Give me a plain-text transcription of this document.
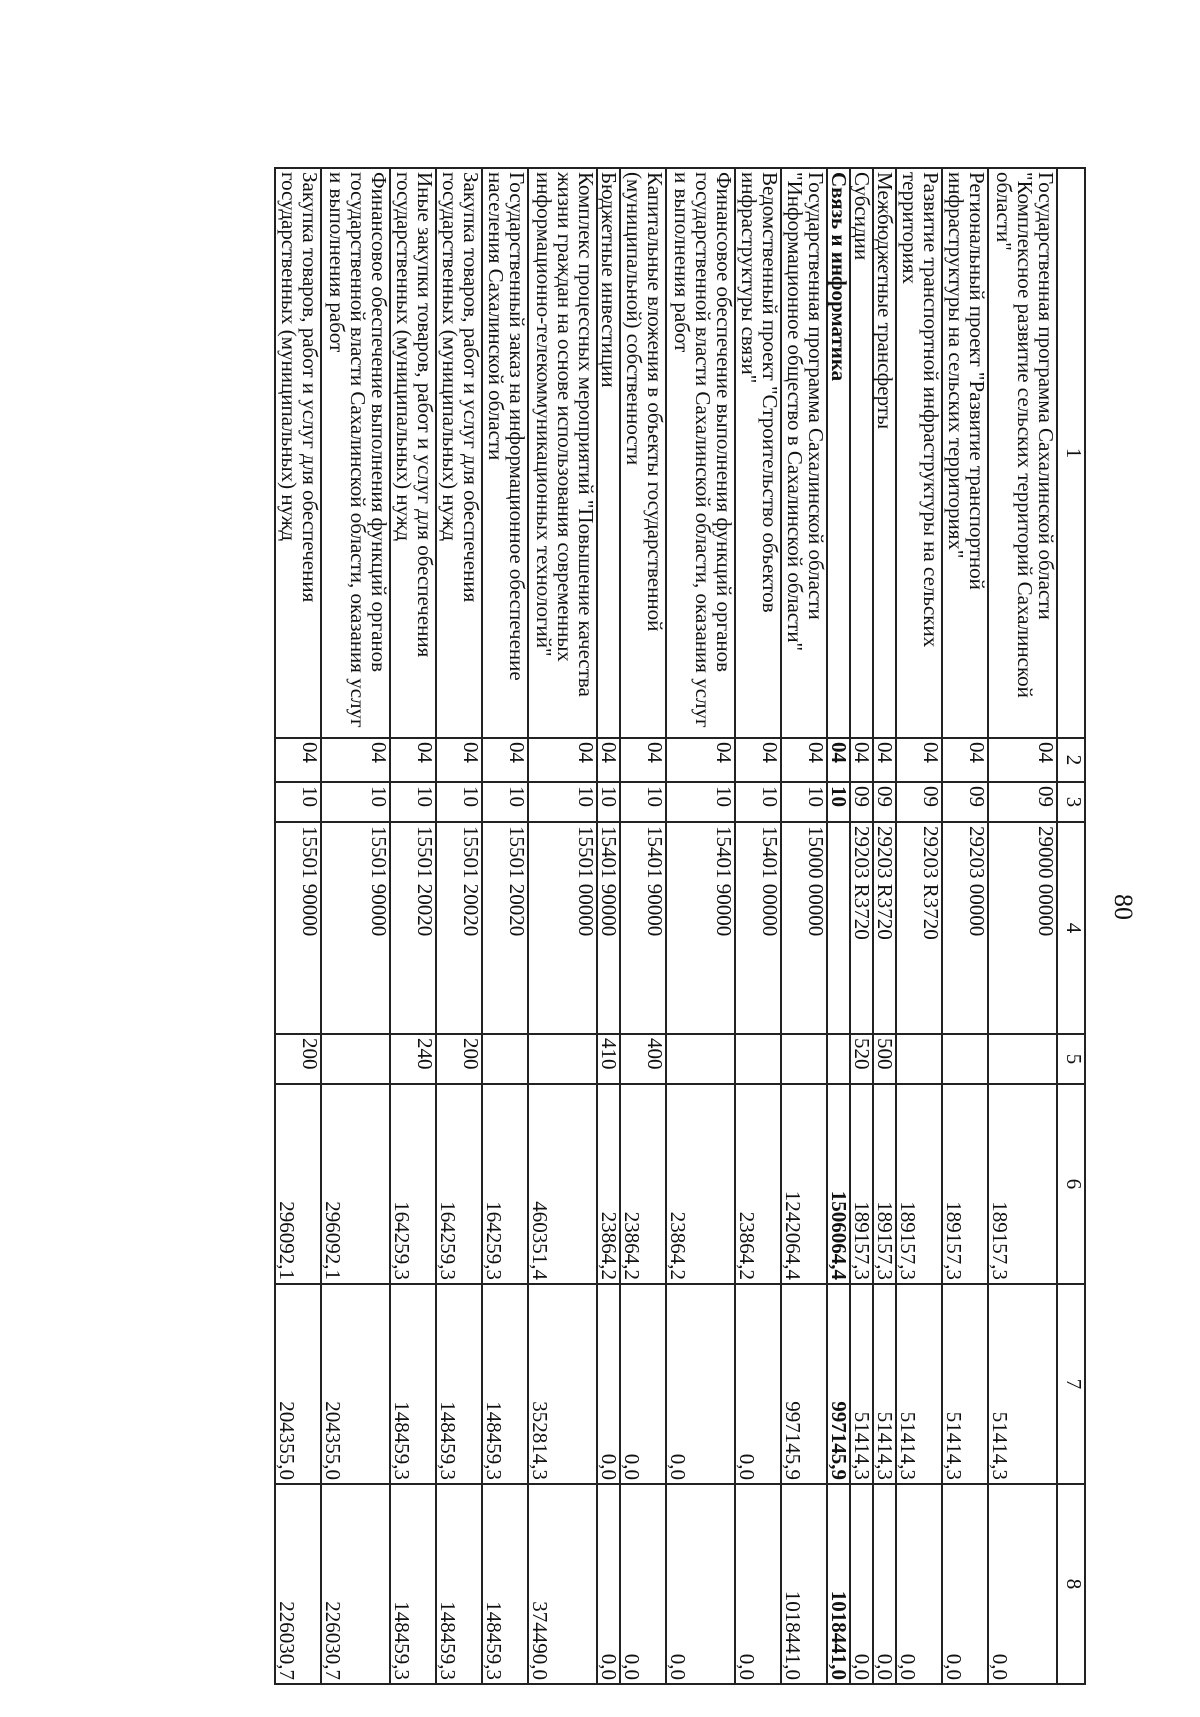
80
1	2	3	4	5	6	7	8
Государственная программа Сахалинской области "Комплексное развитие сельских территорий Сахалинской области"	04	09	29000 00000		189157,3	51414,3	0,0
Региональный проект "Развитие транспортной инфраструктуры на сельских территориях"	04	09	29203 00000		189157,3	51414,3	0,0
Развитие транспортной инфраструктуры на сельских территориях	04	09	29203 R3720		189157,3	51414,3	0,0
Межбюджетные трансферты	04	09	29203 R3720	500	189157,3	51414,3	0,0
Субсидии	04	09	29203 R3720	520	189157,3	51414,3	0,0
Связь и информатика	04	10			1506064,4	997145,9	1018441,0
Государственная программа Сахалинской области "Информационное общество в Сахалинской области"	04	10	15000 00000		1242064,4	997145,9	1018441,0
Ведомственный проект "Строительство объектов инфраструктуры связи"	04	10	15401 00000		23864,2	0,0	0,0
Финансовое обеспечение выполнения функций органов государственной власти Сахалинской области, оказания услуг и выполнения работ	04	10	15401 90000		23864,2	0,0	0,0
Капитальные вложения в объекты государственной (муниципальной) собственности	04	10	15401 90000	400	23864,2	0,0	0,0
Бюджетные инвестиции	04	10	15401 90000	410	23864,2	0,0	0,0
Комплекс процессных мероприятий "Повышение качества жизни граждан на основе использования современных информационно-телекоммуникационных технологий"	04	10	15501 00000		460351,4	352814,3	374490,0
Государственный заказ на информационное обеспечение населения Сахалинской области	04	10	15501 20020		164259,3	148459,3	148459,3
Закупка товаров, работ и услуг для обеспечения государственных (муниципальных) нужд	04	10	15501 20020	200	164259,3	148459,3	148459,3
Иные закупки товаров, работ и услуг для обеспечения государственных (муниципальных) нужд	04	10	15501 20020	240	164259,3	148459,3	148459,3
Финансовое обеспечение выполнения функций органов государственной власти Сахалинской области, оказания услуг и выполнения работ	04	10	15501 90000		296092,1	204355,0	226030,7
Закупка товаров, работ и услуг для обеспечения государственных (муниципальных) нужд	04	10	15501 90000	200	296092,1	204355,0	226030,7
